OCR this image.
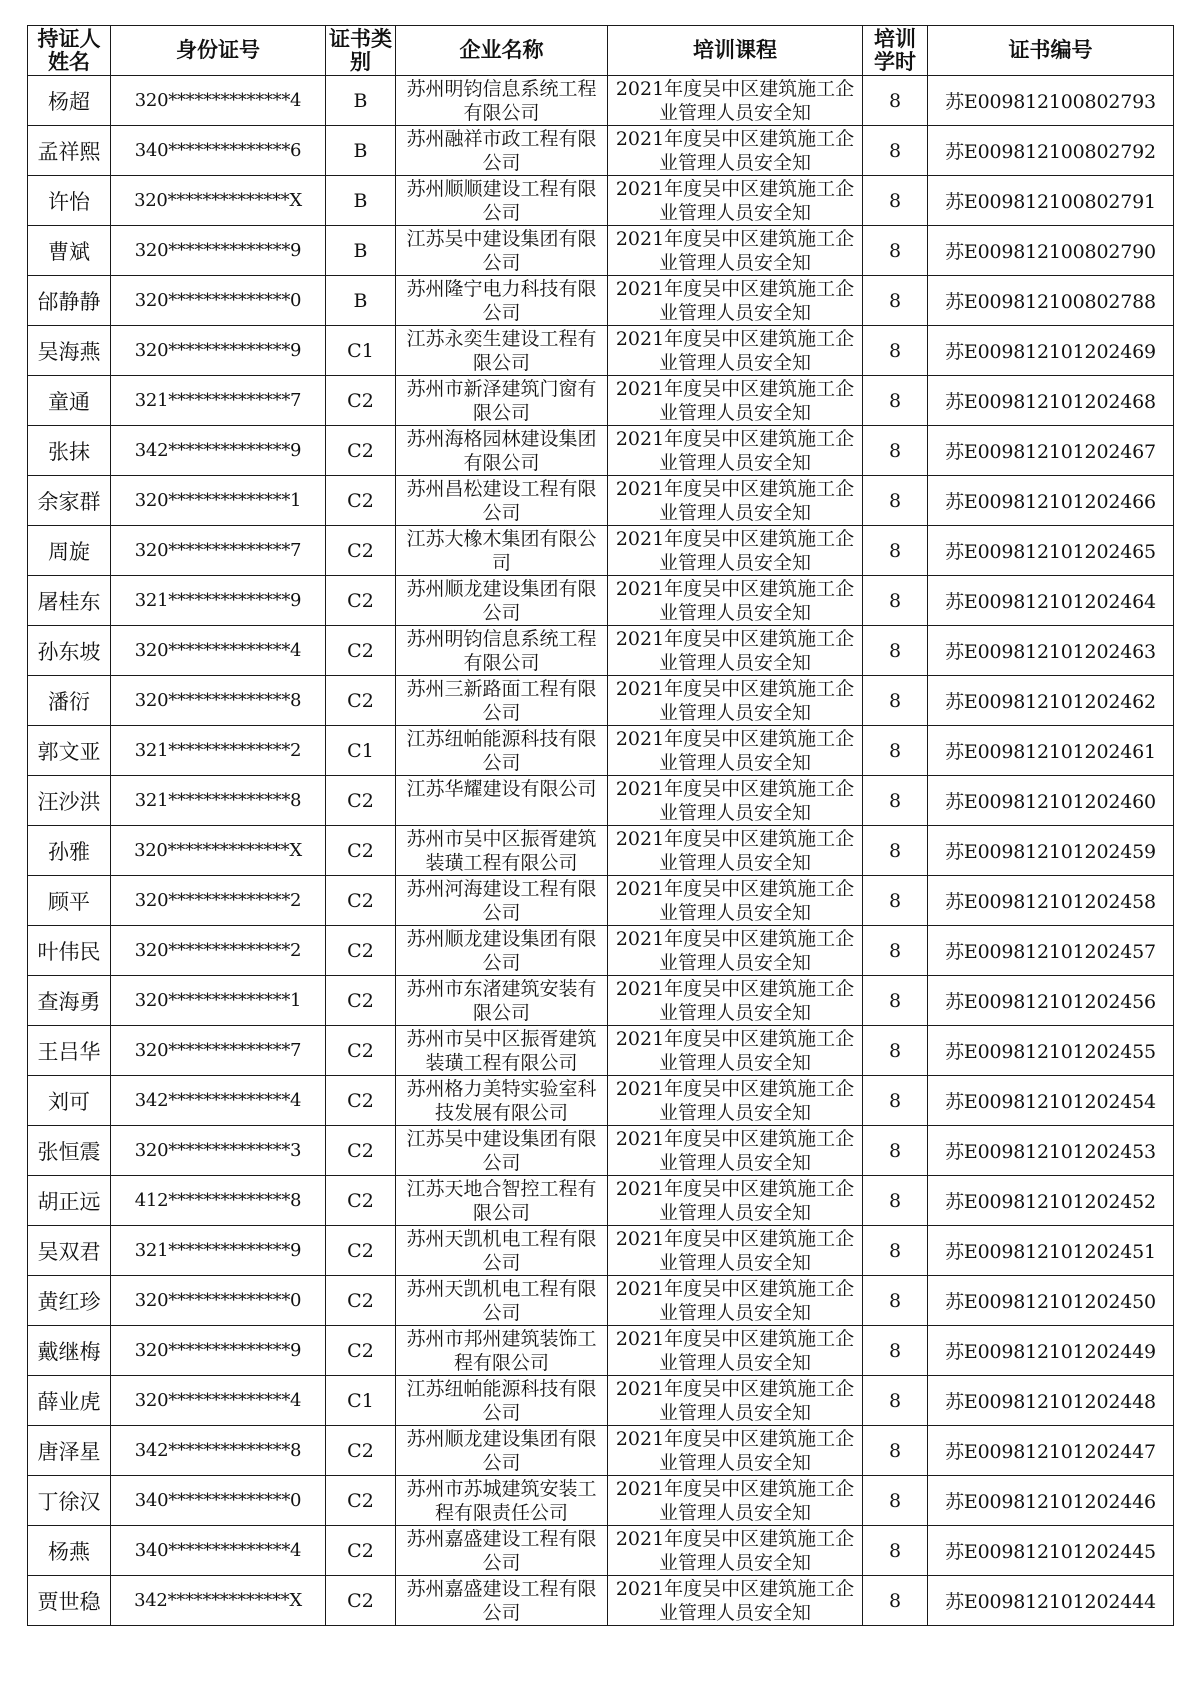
持证人姓名	身份证号	证书类别	企业名称	培训课程	培训学时	证书编号

杨超	320**************4	B	苏州明钧信息系统工程有限公司	2021年度吴中区建筑施工企业管理人员安全知	8	苏E009812100802793

孟祥熙	340**************6	B	苏州融祥市政工程有限公司	2021年度吴中区建筑施工企业管理人员安全知	8	苏E009812100802792

许怡	320**************X	B	苏州顺顺建设工程有限公司	2021年度吴中区建筑施工企业管理人员安全知	8	苏E009812100802791

曹斌	320**************9	B	江苏吴中建设集团有限公司	2021年度吴中区建筑施工企业管理人员安全知	8	苏E009812100802790

邰静静	320**************0	B	苏州隆宁电力科技有限公司	2021年度吴中区建筑施工企业管理人员安全知	8	苏E009812100802788

吴海燕	320**************9	C1	江苏永奕生建设工程有限公司	2021年度吴中区建筑施工企业管理人员安全知	8	苏E009812101202469

童通	321**************7	C2	苏州市新泽建筑门窗有限公司	2021年度吴中区建筑施工企业管理人员安全知	8	苏E009812101202468

张抹	342**************9	C2	苏州海格园林建设集团有限公司	2021年度吴中区建筑施工企业管理人员安全知	8	苏E009812101202467

余家群	320**************1	C2	苏州昌松建设工程有限公司	2021年度吴中区建筑施工企业管理人员安全知	8	苏E009812101202466

周旋	320**************7	C2	江苏大橡木集团有限公司	2021年度吴中区建筑施工企业管理人员安全知	8	苏E009812101202465

屠桂东	321**************9	C2	苏州顺龙建设集团有限公司	2021年度吴中区建筑施工企业管理人员安全知	8	苏E009812101202464

孙东坡	320**************4	C2	苏州明钧信息系统工程有限公司	2021年度吴中区建筑施工企业管理人员安全知	8	苏E009812101202463

潘衍	320**************8	C2	苏州三新路面工程有限公司	2021年度吴中区建筑施工企业管理人员安全知	8	苏E009812101202462

郭文亚	321**************2	C1	江苏纽帕能源科技有限公司	2021年度吴中区建筑施工企业管理人员安全知	8	苏E009812101202461

汪沙洪	321**************8	C2	江苏华耀建设有限公司	2021年度吴中区建筑施工企业管理人员安全知	8	苏E009812101202460

孙雅	320**************X	C2	苏州市吴中区振胥建筑装璜工程有限公司	2021年度吴中区建筑施工企业管理人员安全知	8	苏E009812101202459

顾平	320**************2	C2	苏州河海建设工程有限公司	2021年度吴中区建筑施工企业管理人员安全知	8	苏E009812101202458

叶伟民	320**************2	C2	苏州顺龙建设集团有限公司	2021年度吴中区建筑施工企业管理人员安全知	8	苏E009812101202457

查海勇	320**************1	C2	苏州市东渚建筑安装有限公司	2021年度吴中区建筑施工企业管理人员安全知	8	苏E009812101202456

王吕华	320**************7	C2	苏州市吴中区振胥建筑装璜工程有限公司	2021年度吴中区建筑施工企业管理人员安全知	8	苏E009812101202455

刘可	342**************4	C2	苏州格力美特实验室科技发展有限公司	2021年度吴中区建筑施工企业管理人员安全知	8	苏E009812101202454

张恒震	320**************3	C2	江苏吴中建设集团有限公司	2021年度吴中区建筑施工企业管理人员安全知	8	苏E009812101202453

胡正远	412**************8	C2	江苏天地合智控工程有限公司	2021年度吴中区建筑施工企业管理人员安全知	8	苏E009812101202452

吴双君	321**************9	C2	苏州天凯机电工程有限公司	2021年度吴中区建筑施工企业管理人员安全知	8	苏E009812101202451

黄红珍	320**************0	C2	苏州天凯机电工程有限公司	2021年度吴中区建筑施工企业管理人员安全知	8	苏E009812101202450

戴继梅	320**************9	C2	苏州市邦州建筑装饰工程有限公司	2021年度吴中区建筑施工企业管理人员安全知	8	苏E009812101202449

薛业虎	320**************4	C1	江苏纽帕能源科技有限公司	2021年度吴中区建筑施工企业管理人员安全知	8	苏E009812101202448

唐泽星	342**************8	C2	苏州顺龙建设集团有限公司	2021年度吴中区建筑施工企业管理人员安全知	8	苏E009812101202447

丁徐汉	340**************0	C2	苏州市苏城建筑安装工程有限责任公司	2021年度吴中区建筑施工企业管理人员安全知	8	苏E009812101202446

杨燕	340**************4	C2	苏州嘉盛建设工程有限公司	2021年度吴中区建筑施工企业管理人员安全知	8	苏E009812101202445

贾世稳	342**************X	C2	苏州嘉盛建设工程有限公司	2021年度吴中区建筑施工企业管理人员安全知	8	苏E009812101202444
